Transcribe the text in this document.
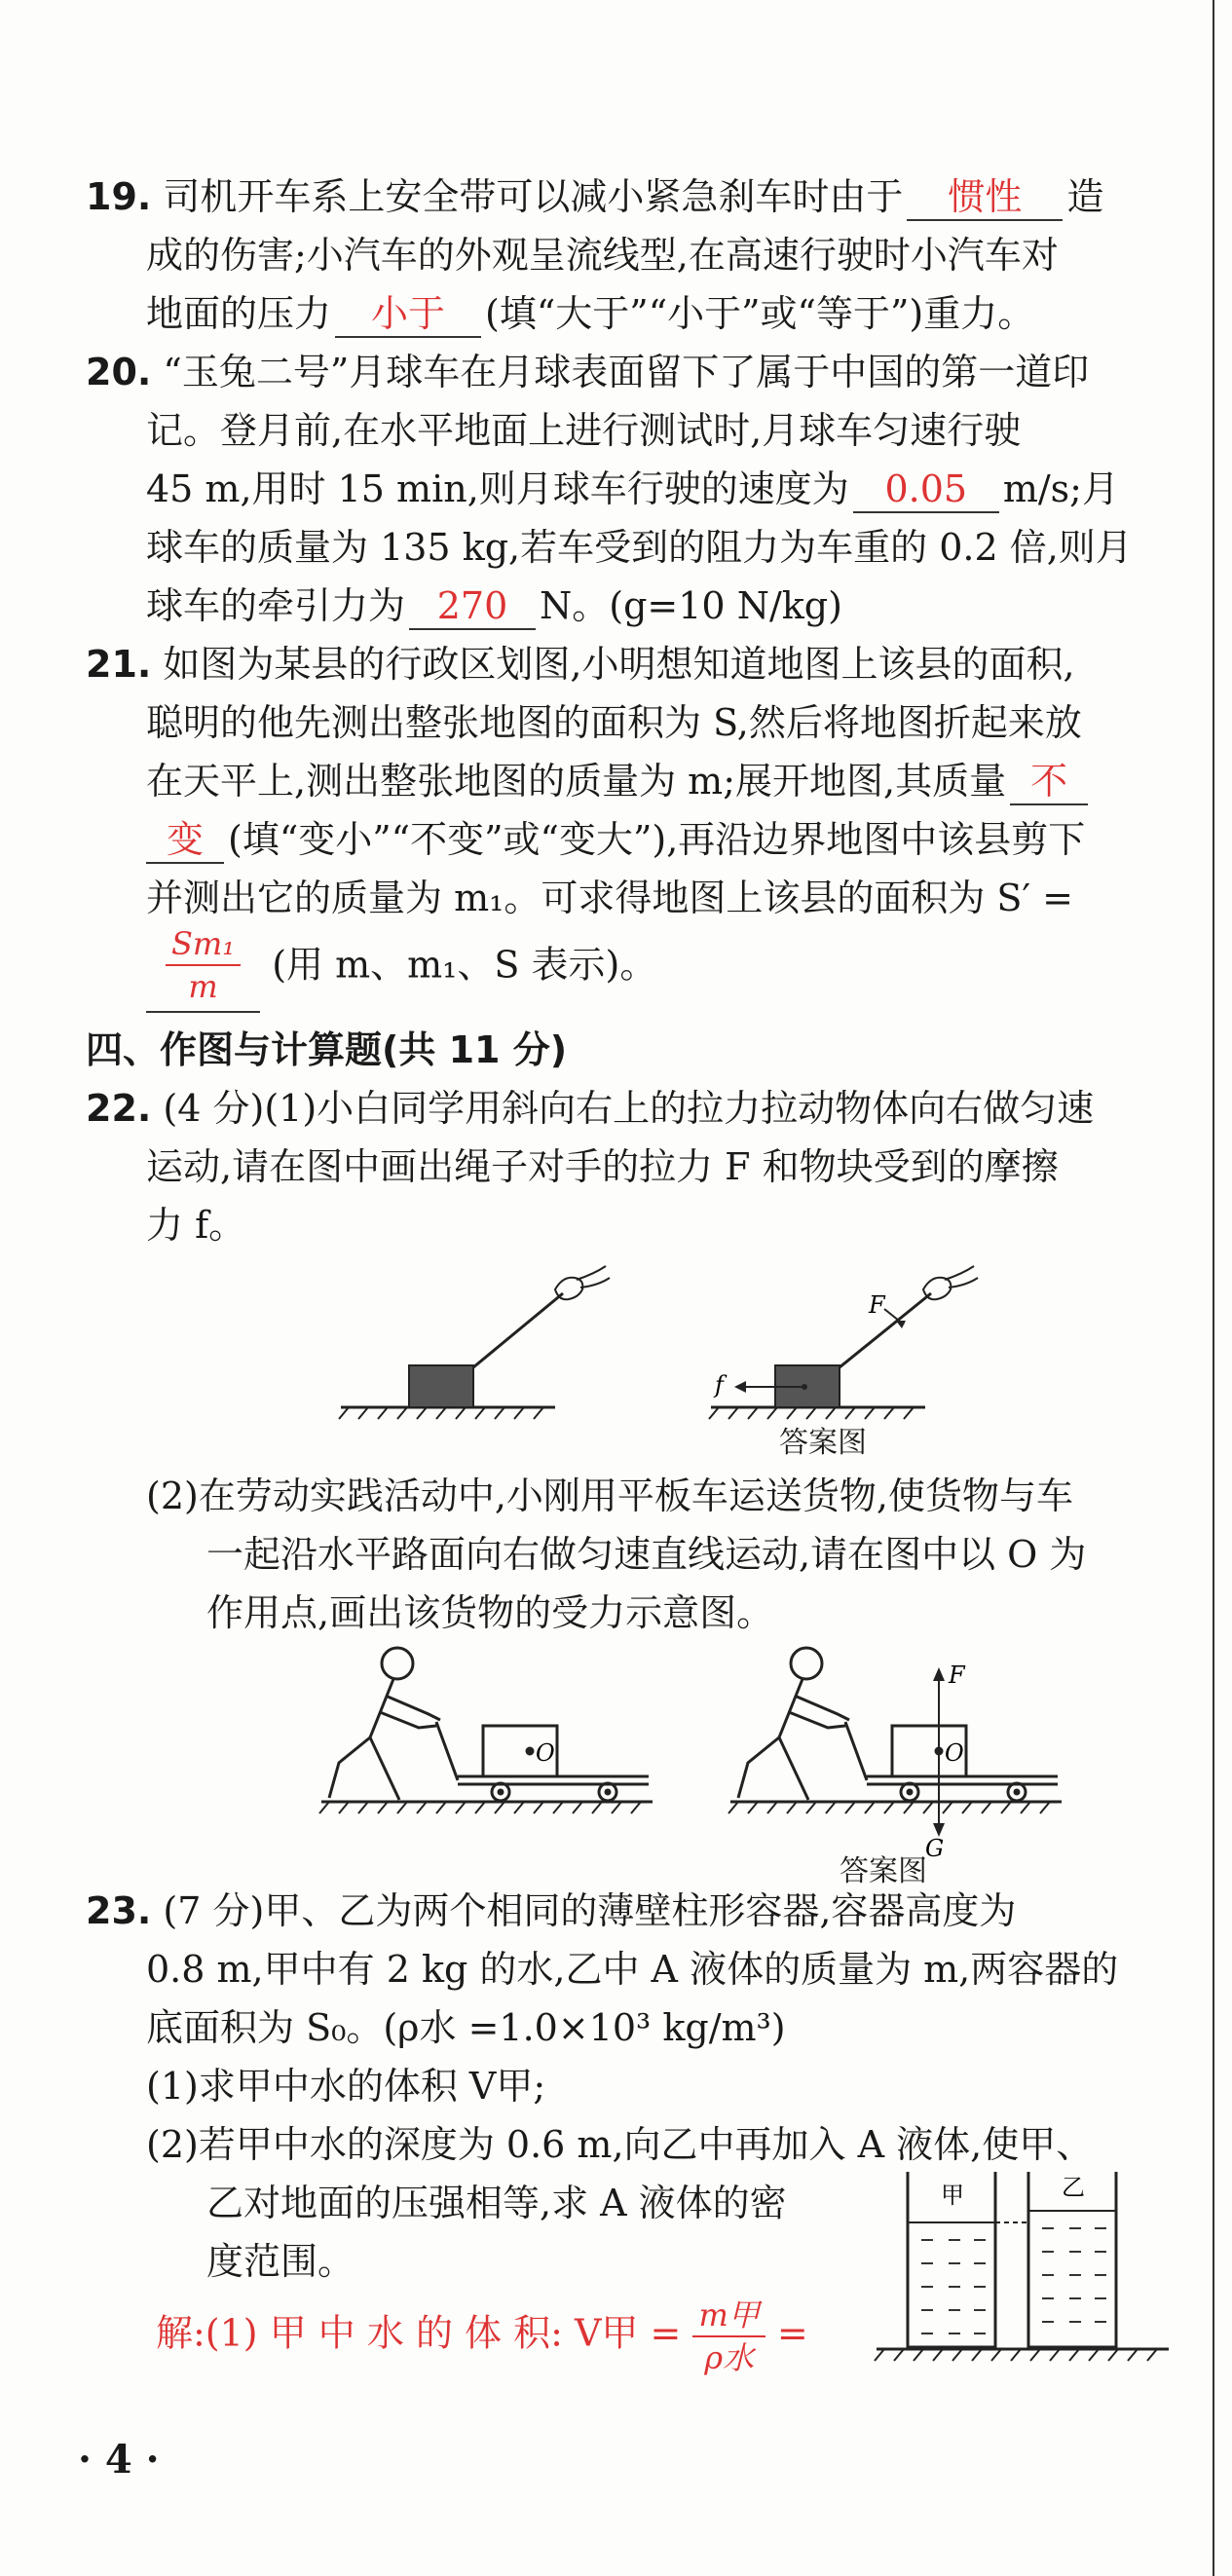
19. 司机开车系上安全带可以减小紧急刹车时由于 惯性 造
成的伤害;小汽车的外观呈流线型,在高速行驶时小汽车对
地面的压力 小于 (填“大于”“小于”或“等于”)重力。
20. “玉兔二号”月球车在月球表面留下了属于中国的第一道印
记。登月前,在水平地面上进行测试时,月球车匀速行驶
45 m,用时 15 min,则月球车行驶的速度为 0.05 m/s;月
球车的质量为 135 kg,若车受到的阻力为车重的 0.2 倍,则月
球车的牵引力为 270 N。(g=10 N/kg)
21. 如图为某县的行政区划图,小明想知道地图上该县的面积,
聪明的他先测出整张地图的面积为 S,然后将地图折起来放
在天平上,测出整张地图的质量为 m;展开地图,其质量 不
变 (填“变小”“不变”或“变大”),再沿边界地图中该县剪下
并测出它的质量为 m₁。可求得地图上该县的面积为 S′ =
$\frac{\text{Sm₁}}{m}$ (用 m、m₁、S 表示)。
四、作图与计算题(共 11 分)
22. (4 分)(1)小白同学用斜向右上的拉力拉动物体向右做匀速
运动,请在图中画出绳子对手的拉力 F 和物块受到的摩擦
力 f。
F
f
答案图
(2)在劳动实践活动中,小刚用平板车运送货物,使货物与车
一起沿水平路面向右做匀速直线运动,请在图中以 O 为
作用点,画出该货物的受力示意图。
O
F
O
G
答案图
23. (7 分)甲、乙为两个相同的薄壁柱形容器,容器高度为
0.8 m,甲中有 2 kg 的水,乙中 A 液体的质量为 m,两容器的
底面积为 S₀。(ρ水 =1.0×10³ kg/m³)
(1)求甲中水的体积 V甲;
(2)若甲中水的深度为 0.6 m,向乙中再加入 A 液体,使甲、
乙对地面的压强相等,求 A 液体的密
度范围。
解:(1) 甲 中 水 的 体 积: V甲 = $\frac{\text{m甲}}{\text{ρ水}}$ =
甲	乙
· 4 ·
